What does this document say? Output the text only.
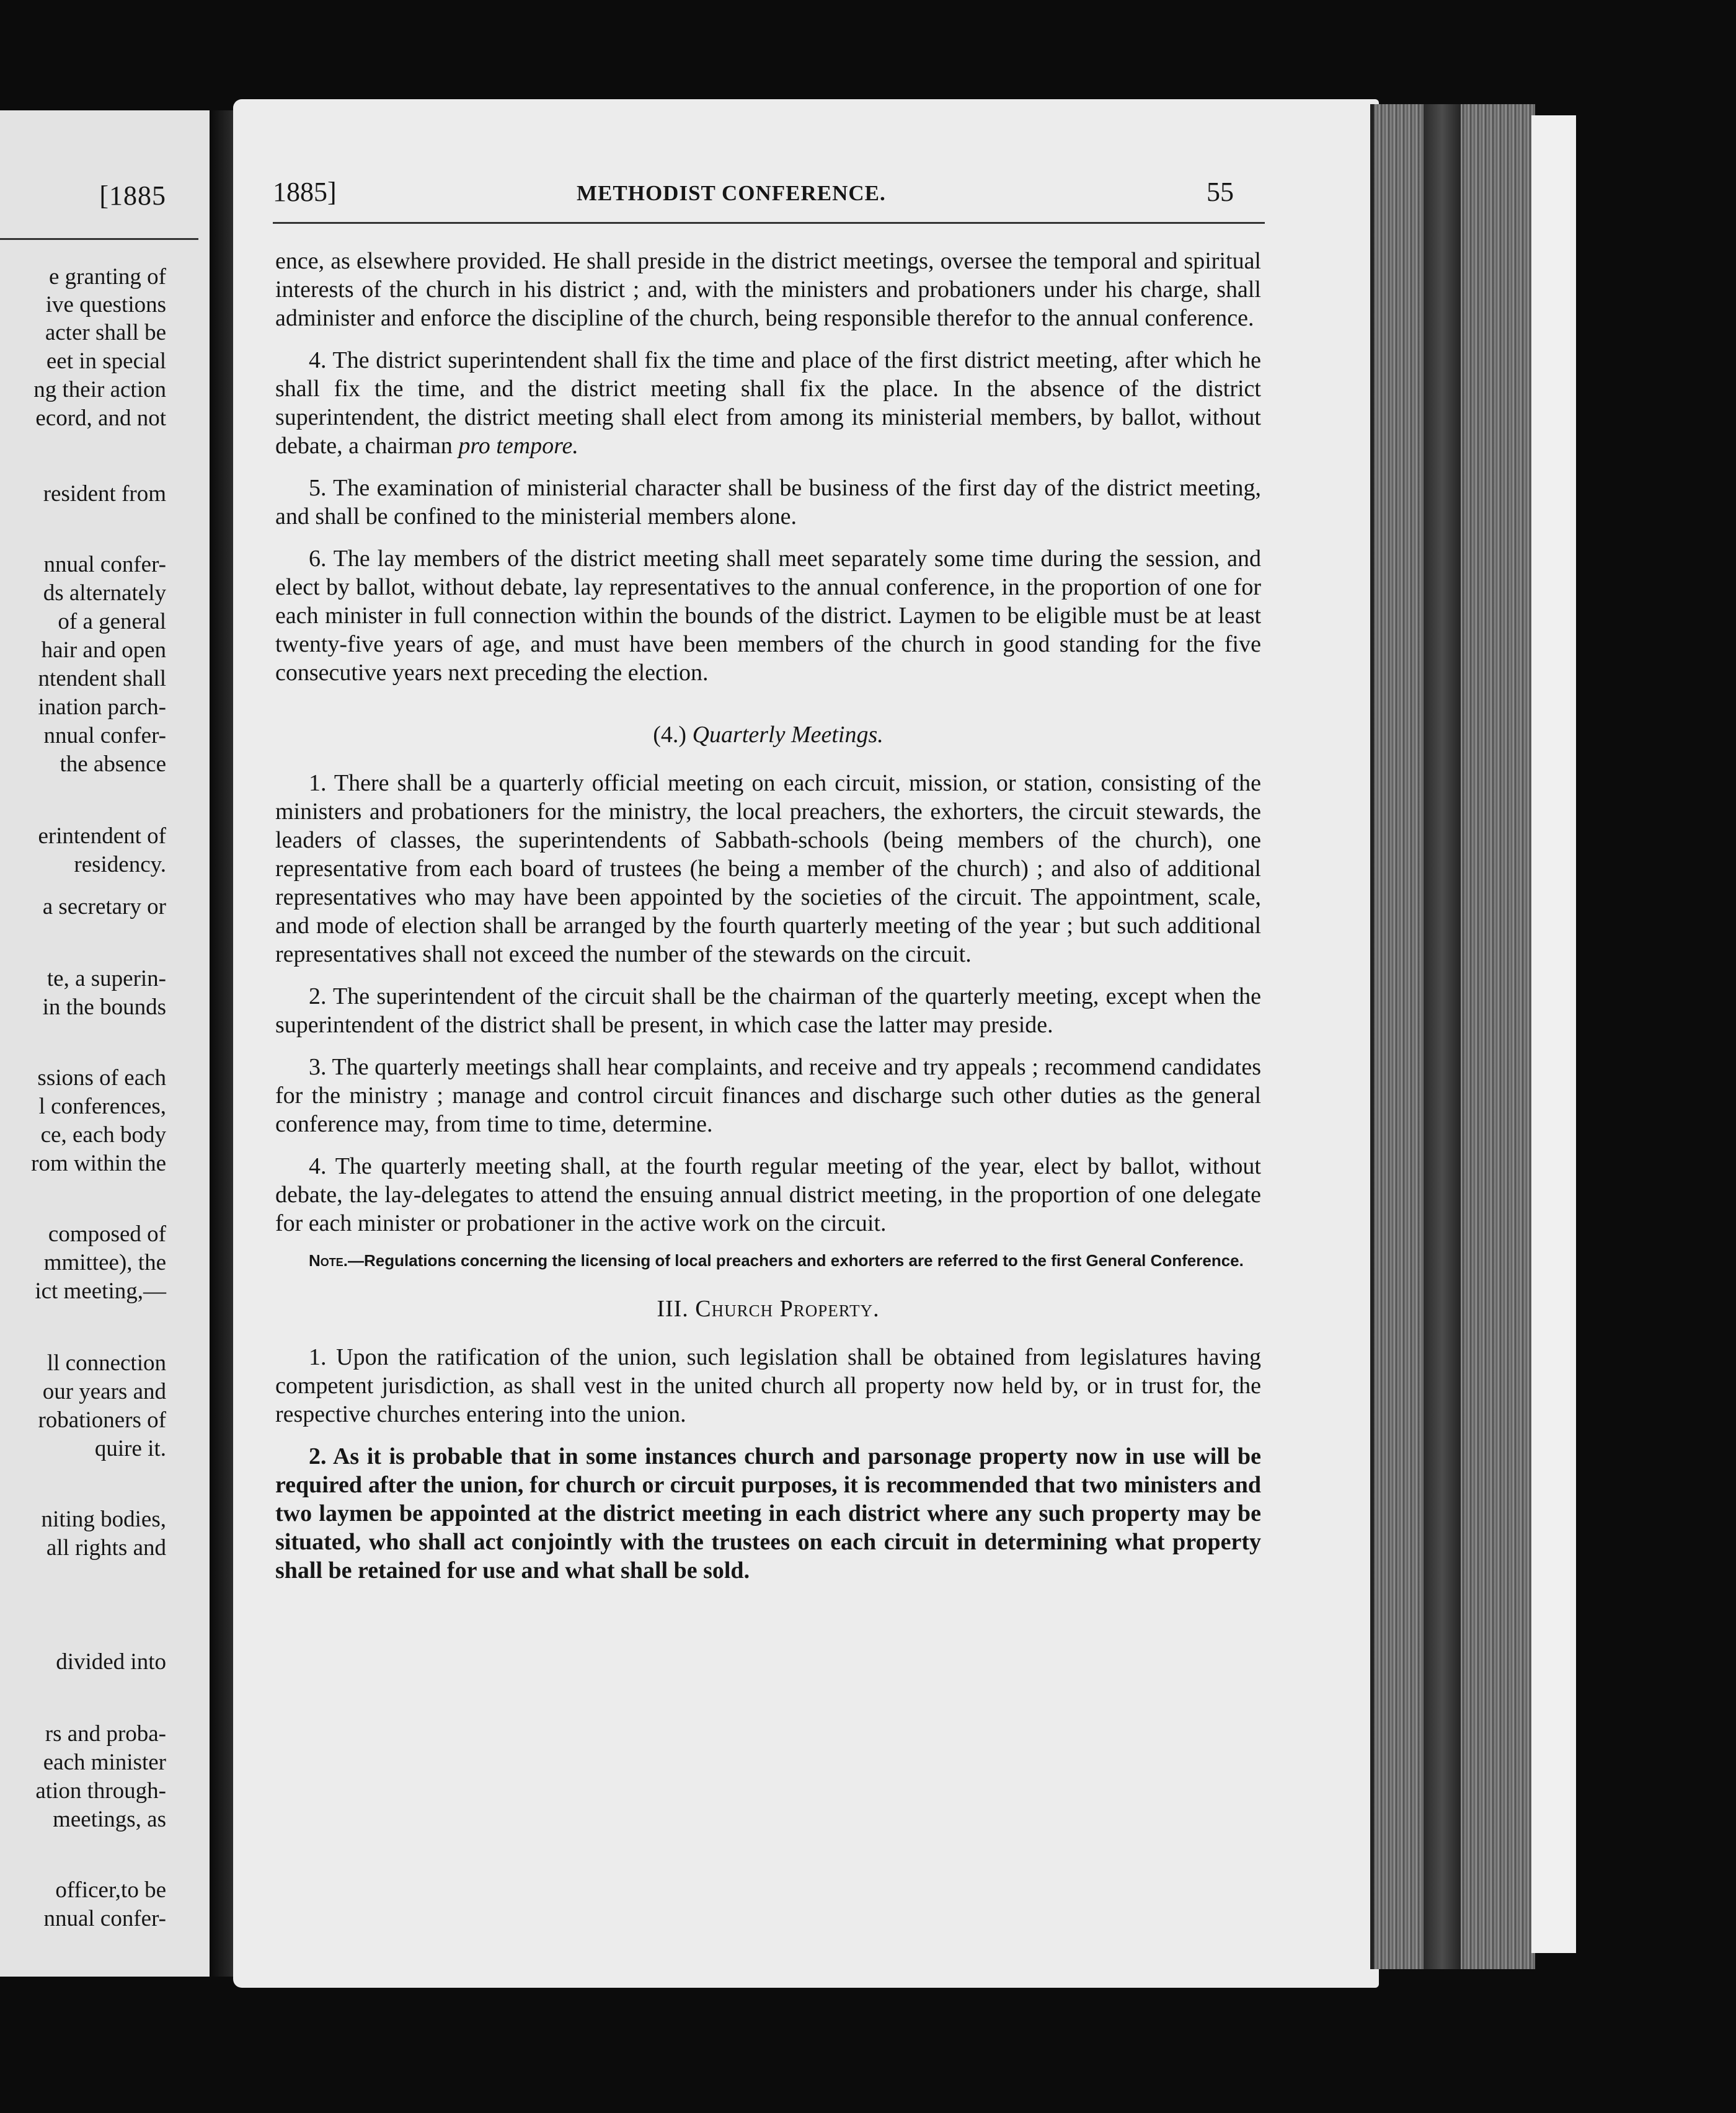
[1885
e granting of
ive questions
acter shall be
eet in special
ng their action
ecord, and not
resident from
nnual confer-
ds alternately
of a general
hair and open
ntendent shall
ination parch-
nnual confer-
the absence
erintendent of
residency.
a secretary or
te, a superin-
in the bounds
ssions of each
l conferences,
ce, each body
rom within the
composed of
mmittee), the
ict meeting,—
ll connection
our years and
robationers of
quire it.
niting bodies,
all rights and
divided into
rs and proba-
each minister
ation through-
meetings, as
officer,to be
nnual confer-
1885]	METHODIST CONFERENCE.	55

ence, as elsewhere provided. He shall preside in the district meetings, oversee the temporal and spiritual interests of the church in his district ; and, with the ministers and probationers under his charge, shall administer and enforce the discipline of the church, being responsible therefor to the annual conference.

4. The district superintendent shall fix the time and place of the first district meeting, after which he shall fix the time, and the district meeting shall fix the place. In the absence of the district superintendent, the district meeting shall elect from among its ministerial members, by ballot, without debate, a chairman pro tempore.

5. The examination of ministerial character shall be business of the first day of the district meeting, and shall be confined to the ministerial members alone.

6. The lay members of the district meeting shall meet separately some time during the session, and elect by ballot, without debate, lay representatives to the annual conference, in the proportion of one for each minister in full connection within the bounds of the district. Laymen to be eligible must be at least twenty-five years of age, and must have been members of the church in good standing for the five consecutive years next preceding the election.

(4.) Quarterly Meetings.

1. There shall be a quarterly official meeting on each circuit, mission, or station, consisting of the ministers and probationers for the ministry, the local preachers, the exhorters, the circuit stewards, the leaders of classes, the superintendents of Sabbath-schools (being members of the church), one representative from each board of trustees (he being a member of the church) ; and also of additional representatives who may have been appointed by the societies of the circuit. The appointment, scale, and mode of election shall be arranged by the fourth quarterly meeting of the year ; but such additional representatives shall not exceed the number of the stewards on the circuit.

2. The superintendent of the circuit shall be the chairman of the quarterly meeting, except when the superintendent of the district shall be present, in which case the latter may preside.

3. The quarterly meetings shall hear complaints, and receive and try appeals ; recommend candidates for the ministry ; manage and control circuit finances and discharge such other duties as the general conference may, from time to time, determine.

4. The quarterly meeting shall, at the fourth regular meeting of the year, elect by ballot, without debate, the lay-delegates to attend the ensuing annual district meeting, in the proportion of one delegate for each minister or probationer in the active work on the circuit.

Note.—Regulations concerning the licensing of local preachers and exhorters are referred to the first General Conference.

III. Church Property.

1. Upon the ratification of the union, such legislation shall be obtained from legislatures having competent jurisdiction, as shall vest in the united church all property now held by, or in trust for, the respective churches entering into the union.

2. As it is probable that in some instances church and parsonage property now in use will be required after the union, for church or circuit purposes, it is recommended that two ministers and two laymen be appointed at the district meeting in each district where any such property may be situated, who shall act conjointly with the trustees on each circuit in determining what property shall be retained for use and what shall be sold.
